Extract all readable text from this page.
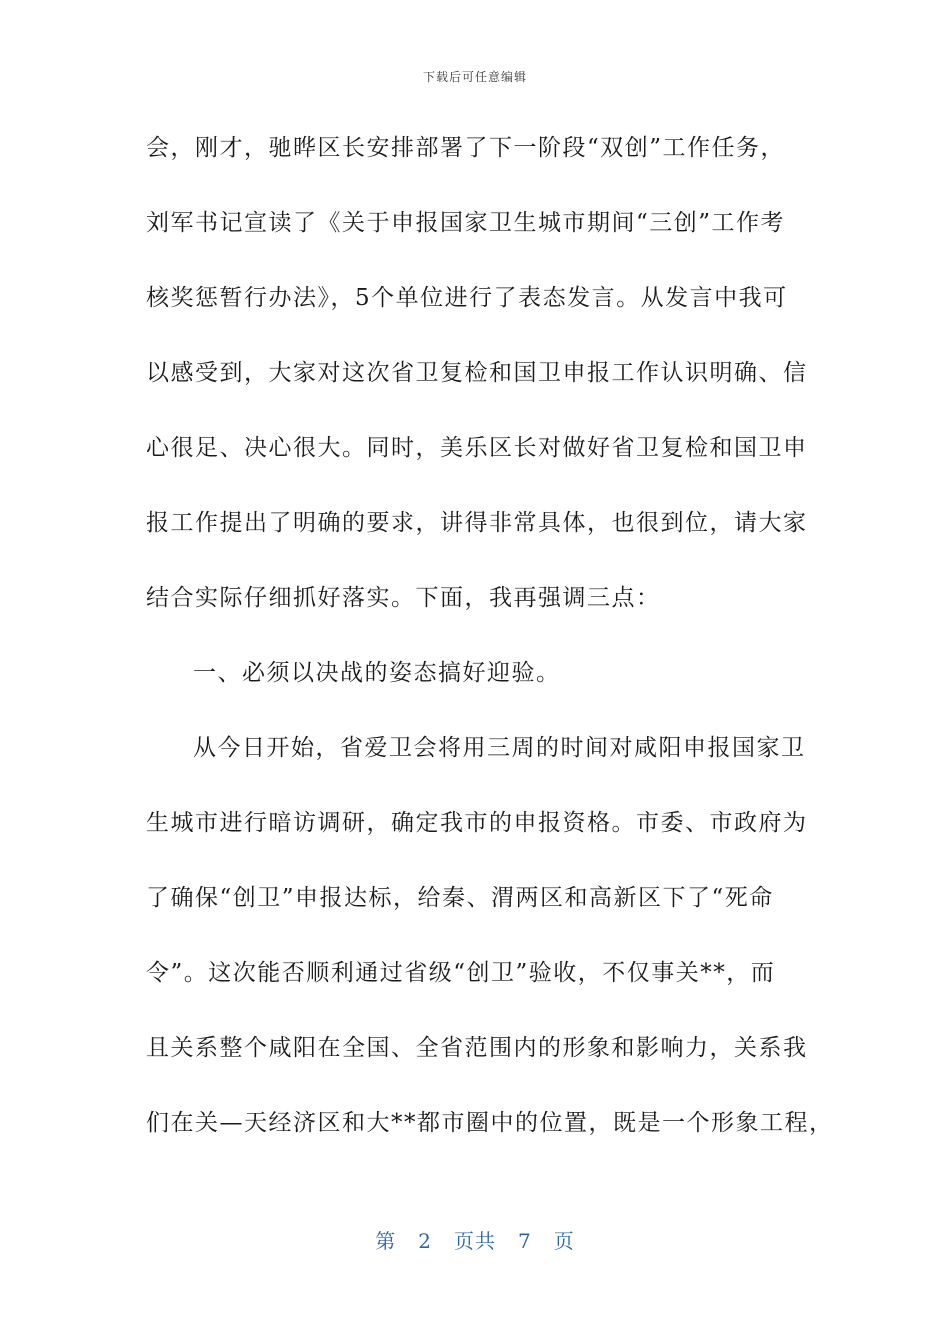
下载后可任意编辑
会，刚才，驰晔区长安排部署了下一阶段“双创”工作任务，
刘军书记宣读了《关于申报国家卫生城市期间“三创”工作考
核奖惩暂行办法》，5个单位进行了表态发言。从发言中我可
以感受到，大家对这次省卫复检和国卫申报工作认识明确、信
心很足、决心很大。同时，美乐区长对做好省卫复检和国卫申
报工作提出了明确的要求，讲得非常具体，也很到位，请大家
结合实际仔细抓好落实。下面，我再强调三点：
一、必须以决战的姿态搞好迎验。
从今日开始，省爱卫会将用三周的时间对咸阳申报国家卫
生城市进行暗访调研，确定我市的申报资格。市委、市政府为
了确保“创卫”申报达标，给秦、渭两区和高新区下了“死命
令”。这次能否顺利通过省级“创卫”验收，不仅事关**，而
且关系整个咸阳在全国、全省范围内的形象和影响力，关系我
们在关—天经济区和大**都市圈中的位置，既是一个形象工程，
第 2 页共 7 页
